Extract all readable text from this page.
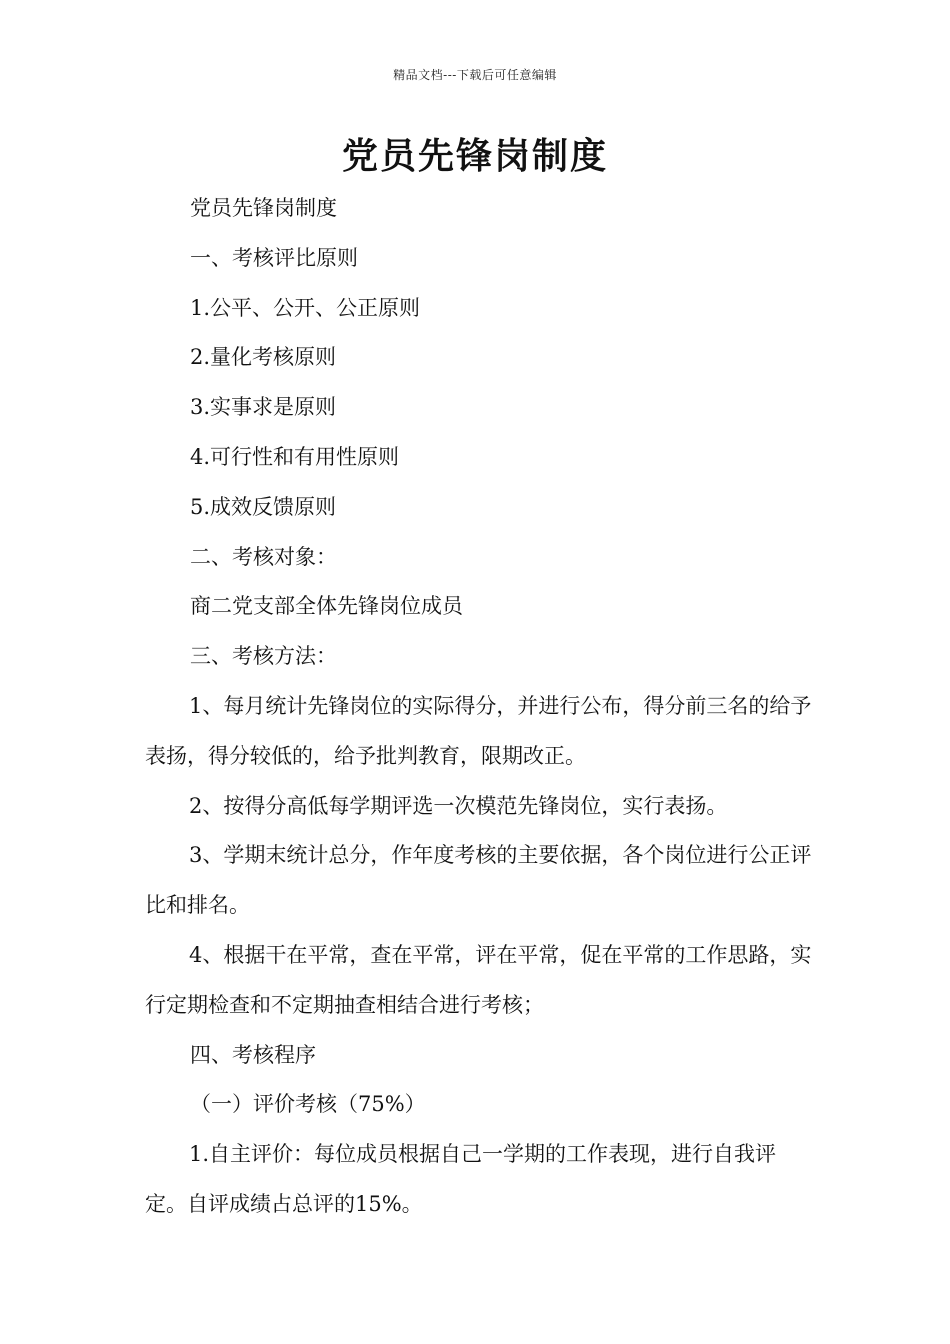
精品文档---下载后可任意编辑
党员先锋岗制度

党员先锋岗制度

一、考核评比原则

1.公平、公开、公正原则

2.量化考核原则

3.实事求是原则

4.可行性和有用性原则

5.成效反馈原则

二、考核对象：

商二党支部全体先锋岗位成员

三、考核方法：

1、每月统计先锋岗位的实际得分，并进行公布，得分前三名的给予表扬，得分较低的，给予批判教育，限期改正。

2、按得分高低每学期评选一次模范先锋岗位，实行表扬。

3、学期末统计总分，作年度考核的主要依据，各个岗位进行公正评比和排名。

4、根据干在平常，查在平常，评在平常，促在平常的工作思路，实行定期检查和不定期抽查相结合进行考核；

四、考核程序

（一）评价考核（75%）

1.自主评价：每位成员根据自己一学期的工作表现，进行自我评定。自评成绩占总评的15%。
